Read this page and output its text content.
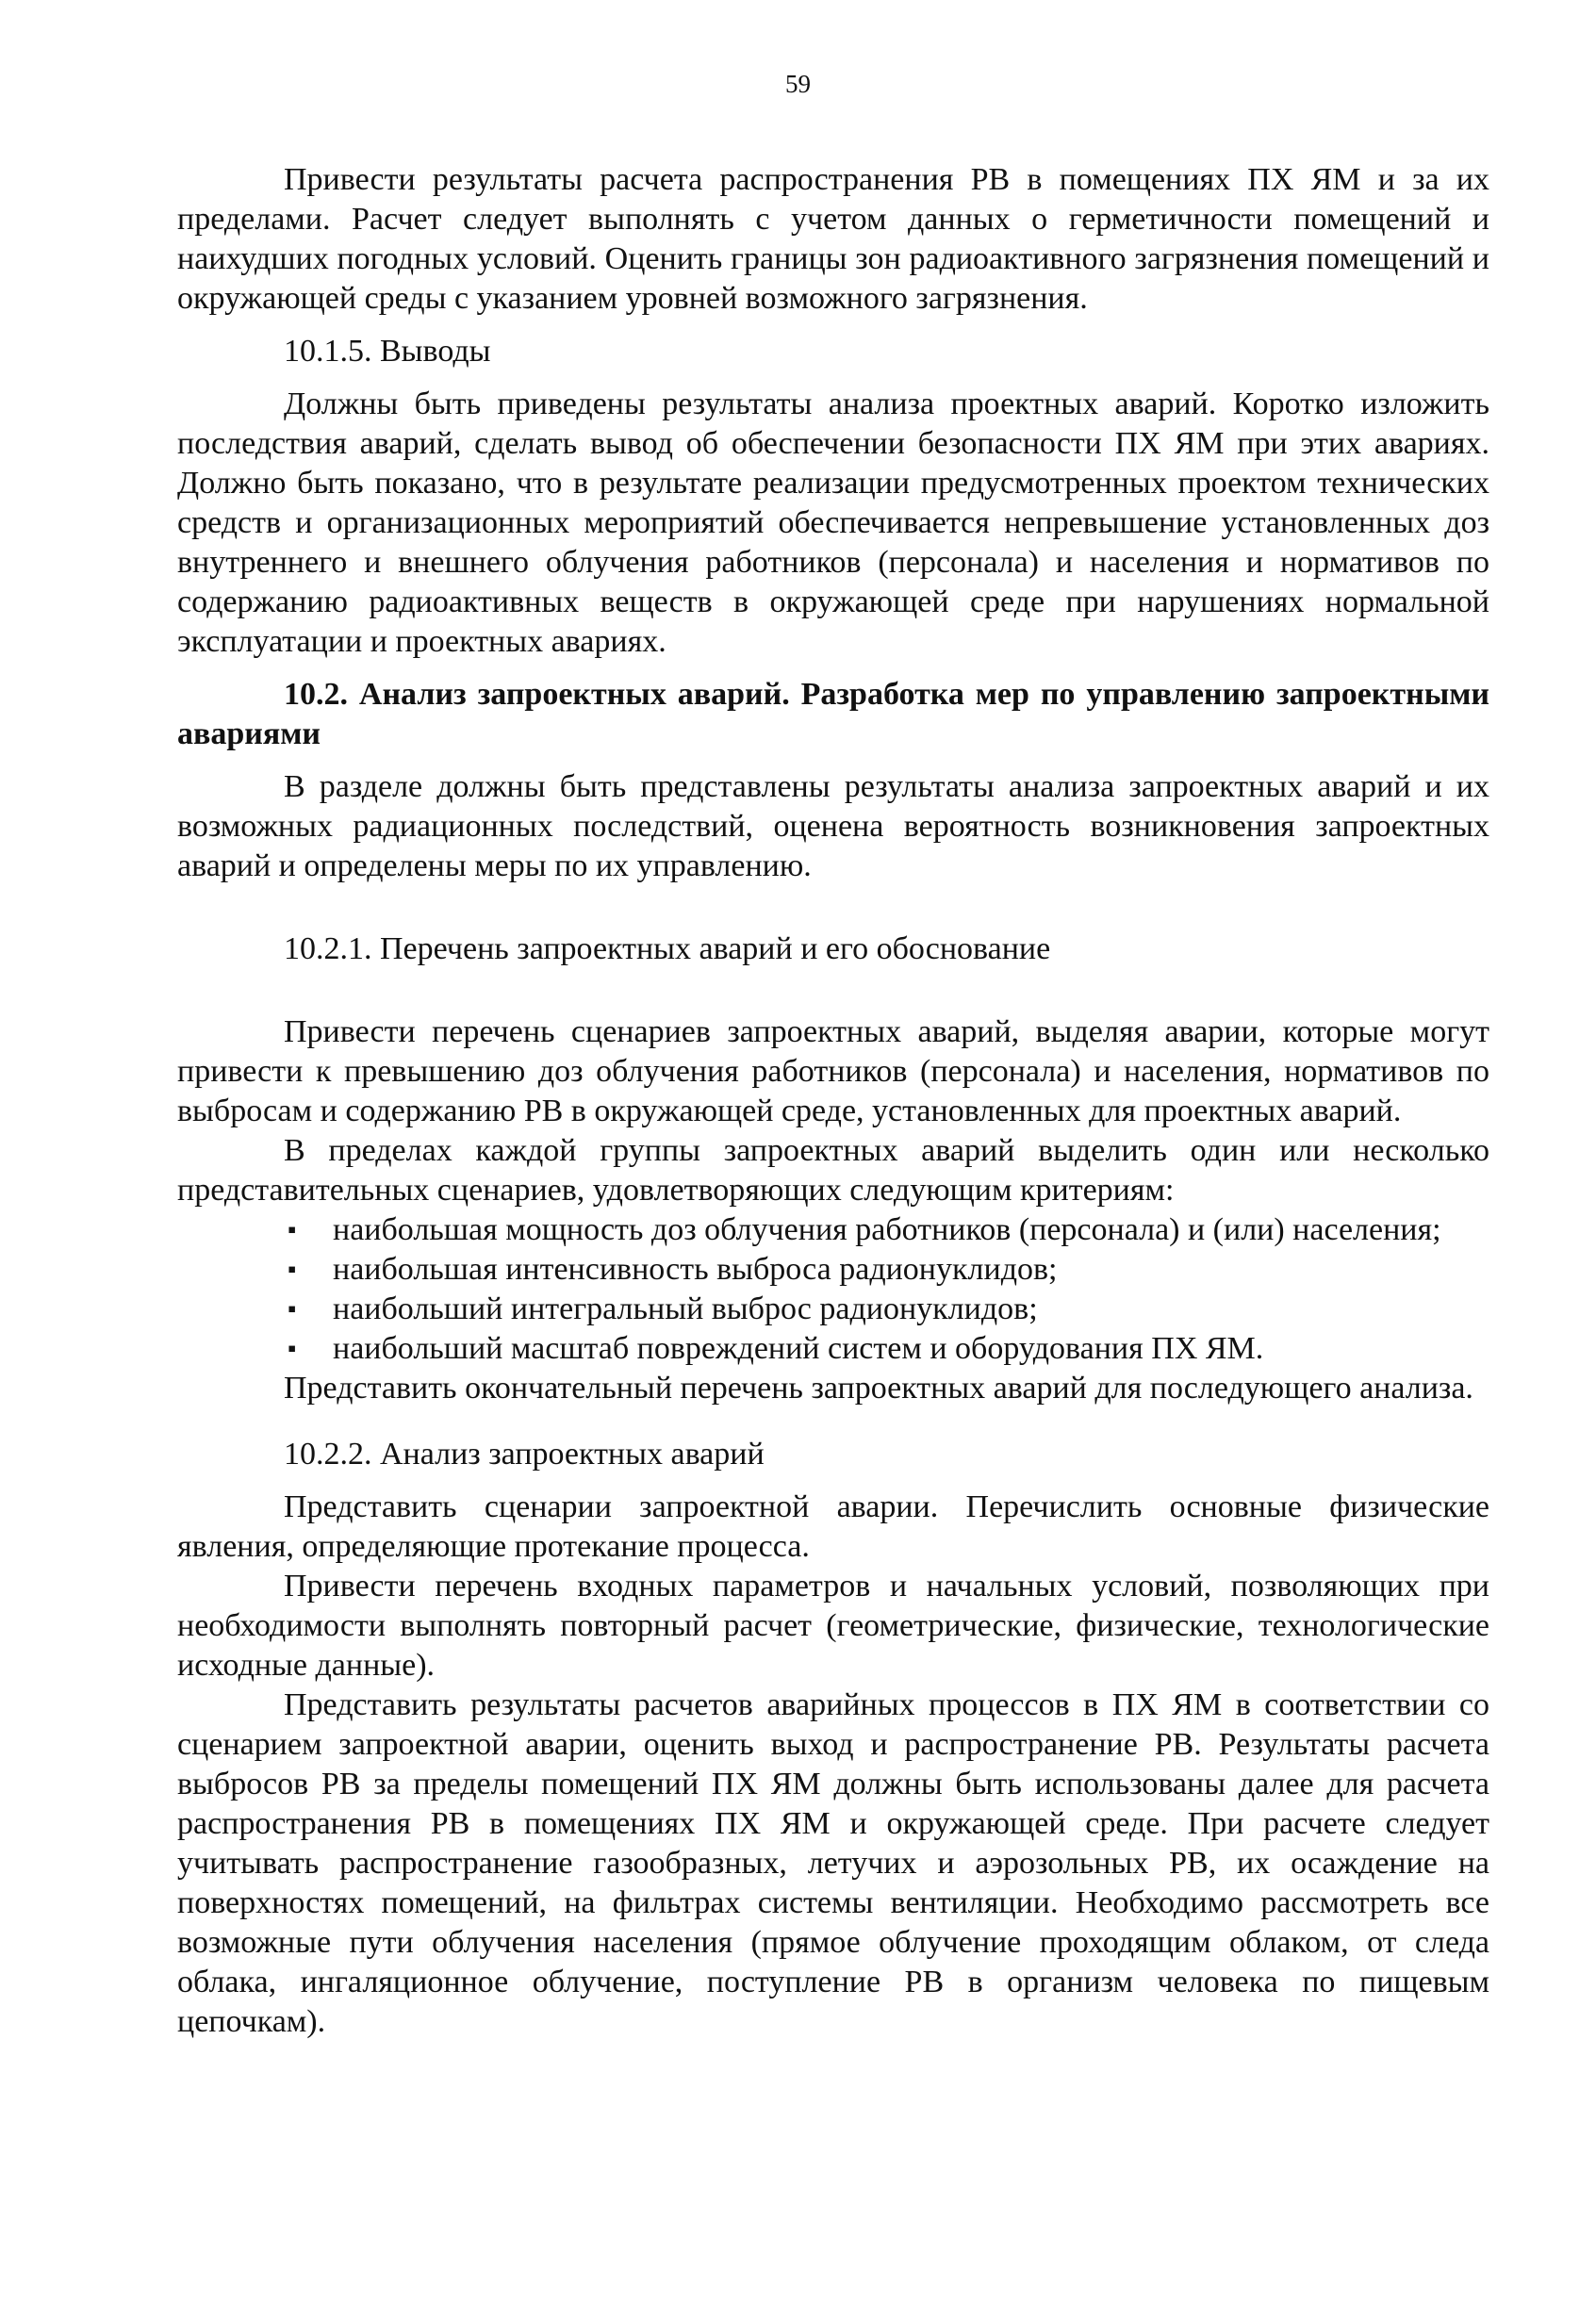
59

Привести результаты расчета распространения РВ в помещениях ПХ ЯМ и за их пределами. Расчет следует выполнять с учетом данных о герметичности помещений и наихудших погодных условий. Оценить границы зон радиоактивного загрязнения помещений и окружающей среды с указанием уровней возможного загрязнения.

10.1.5. Выводы

Должны быть приведены результаты анализа проектных аварий. Коротко изложить последствия аварий, сделать вывод об обеспечении безопасности ПХ ЯМ при этих авариях. Должно быть показано, что в результате реализации предусмотренных проектом технических средств и организационных мероприятий обеспечивается непревышение установленных доз внутреннего и внешнего облучения работников (персонала) и населения и нормативов по содержанию радиоактивных веществ в окружающей среде при нарушениях нормальной эксплуатации и проектных авариях.

10.2. Анализ запроектных аварий. Разработка мер по управлению запроектными авариями

В разделе должны быть представлены результаты анализа запроектных аварий и их возможных радиационных последствий, оценена вероятность возникновения запроектных аварий и определены меры по их управлению.

10.2.1. Перечень запроектных аварий и его обоснование

Привести перечень сценариев запроектных аварий, выделяя аварии, которые могут привести к превышению доз облучения работников (персонала) и населения, нормативов по выбросам и содержанию РВ в окружающей среде, установленных для проектных аварий.

В пределах каждой группы запроектных аварий выделить один или несколько представительных сценариев, удовлетворяющих следующим критериям:

▪ наибольшая мощность доз облучения работников (персонала) и (или) населения;
▪ наибольшая интенсивность выброса радионуклидов;
▪ наибольший интегральный выброс радионуклидов;
▪ наибольший масштаб повреждений систем и оборудования ПХ ЯМ.

Представить окончательный перечень запроектных аварий для последующего анализа.

10.2.2. Анализ запроектных аварий

Представить сценарии запроектной аварии. Перечислить основные физические явления, определяющие протекание процесса.

Привести перечень входных параметров и начальных условий, позволяющих при необходимости выполнять повторный расчет (геометрические, физические, технологические исходные данные).

Представить результаты расчетов аварийных процессов в ПХ ЯМ в соответствии со сценарием запроектной аварии, оценить выход и распространение РВ. Результаты расчета выбросов РВ за пределы помещений ПХ ЯМ должны быть использованы далее для расчета распространения РВ в помещениях ПХ ЯМ и окружающей среде. При расчете следует учитывать распространение газообразных, летучих и аэрозольных РВ, их осаждение на поверхностях помещений, на фильтрах системы вентиляции. Необходимо рассмотреть все возможные пути облучения населения (прямое облучение проходящим облаком, от следа облака, ингаляционное облучение, поступление РВ в организм человека по пищевым цепочкам).
